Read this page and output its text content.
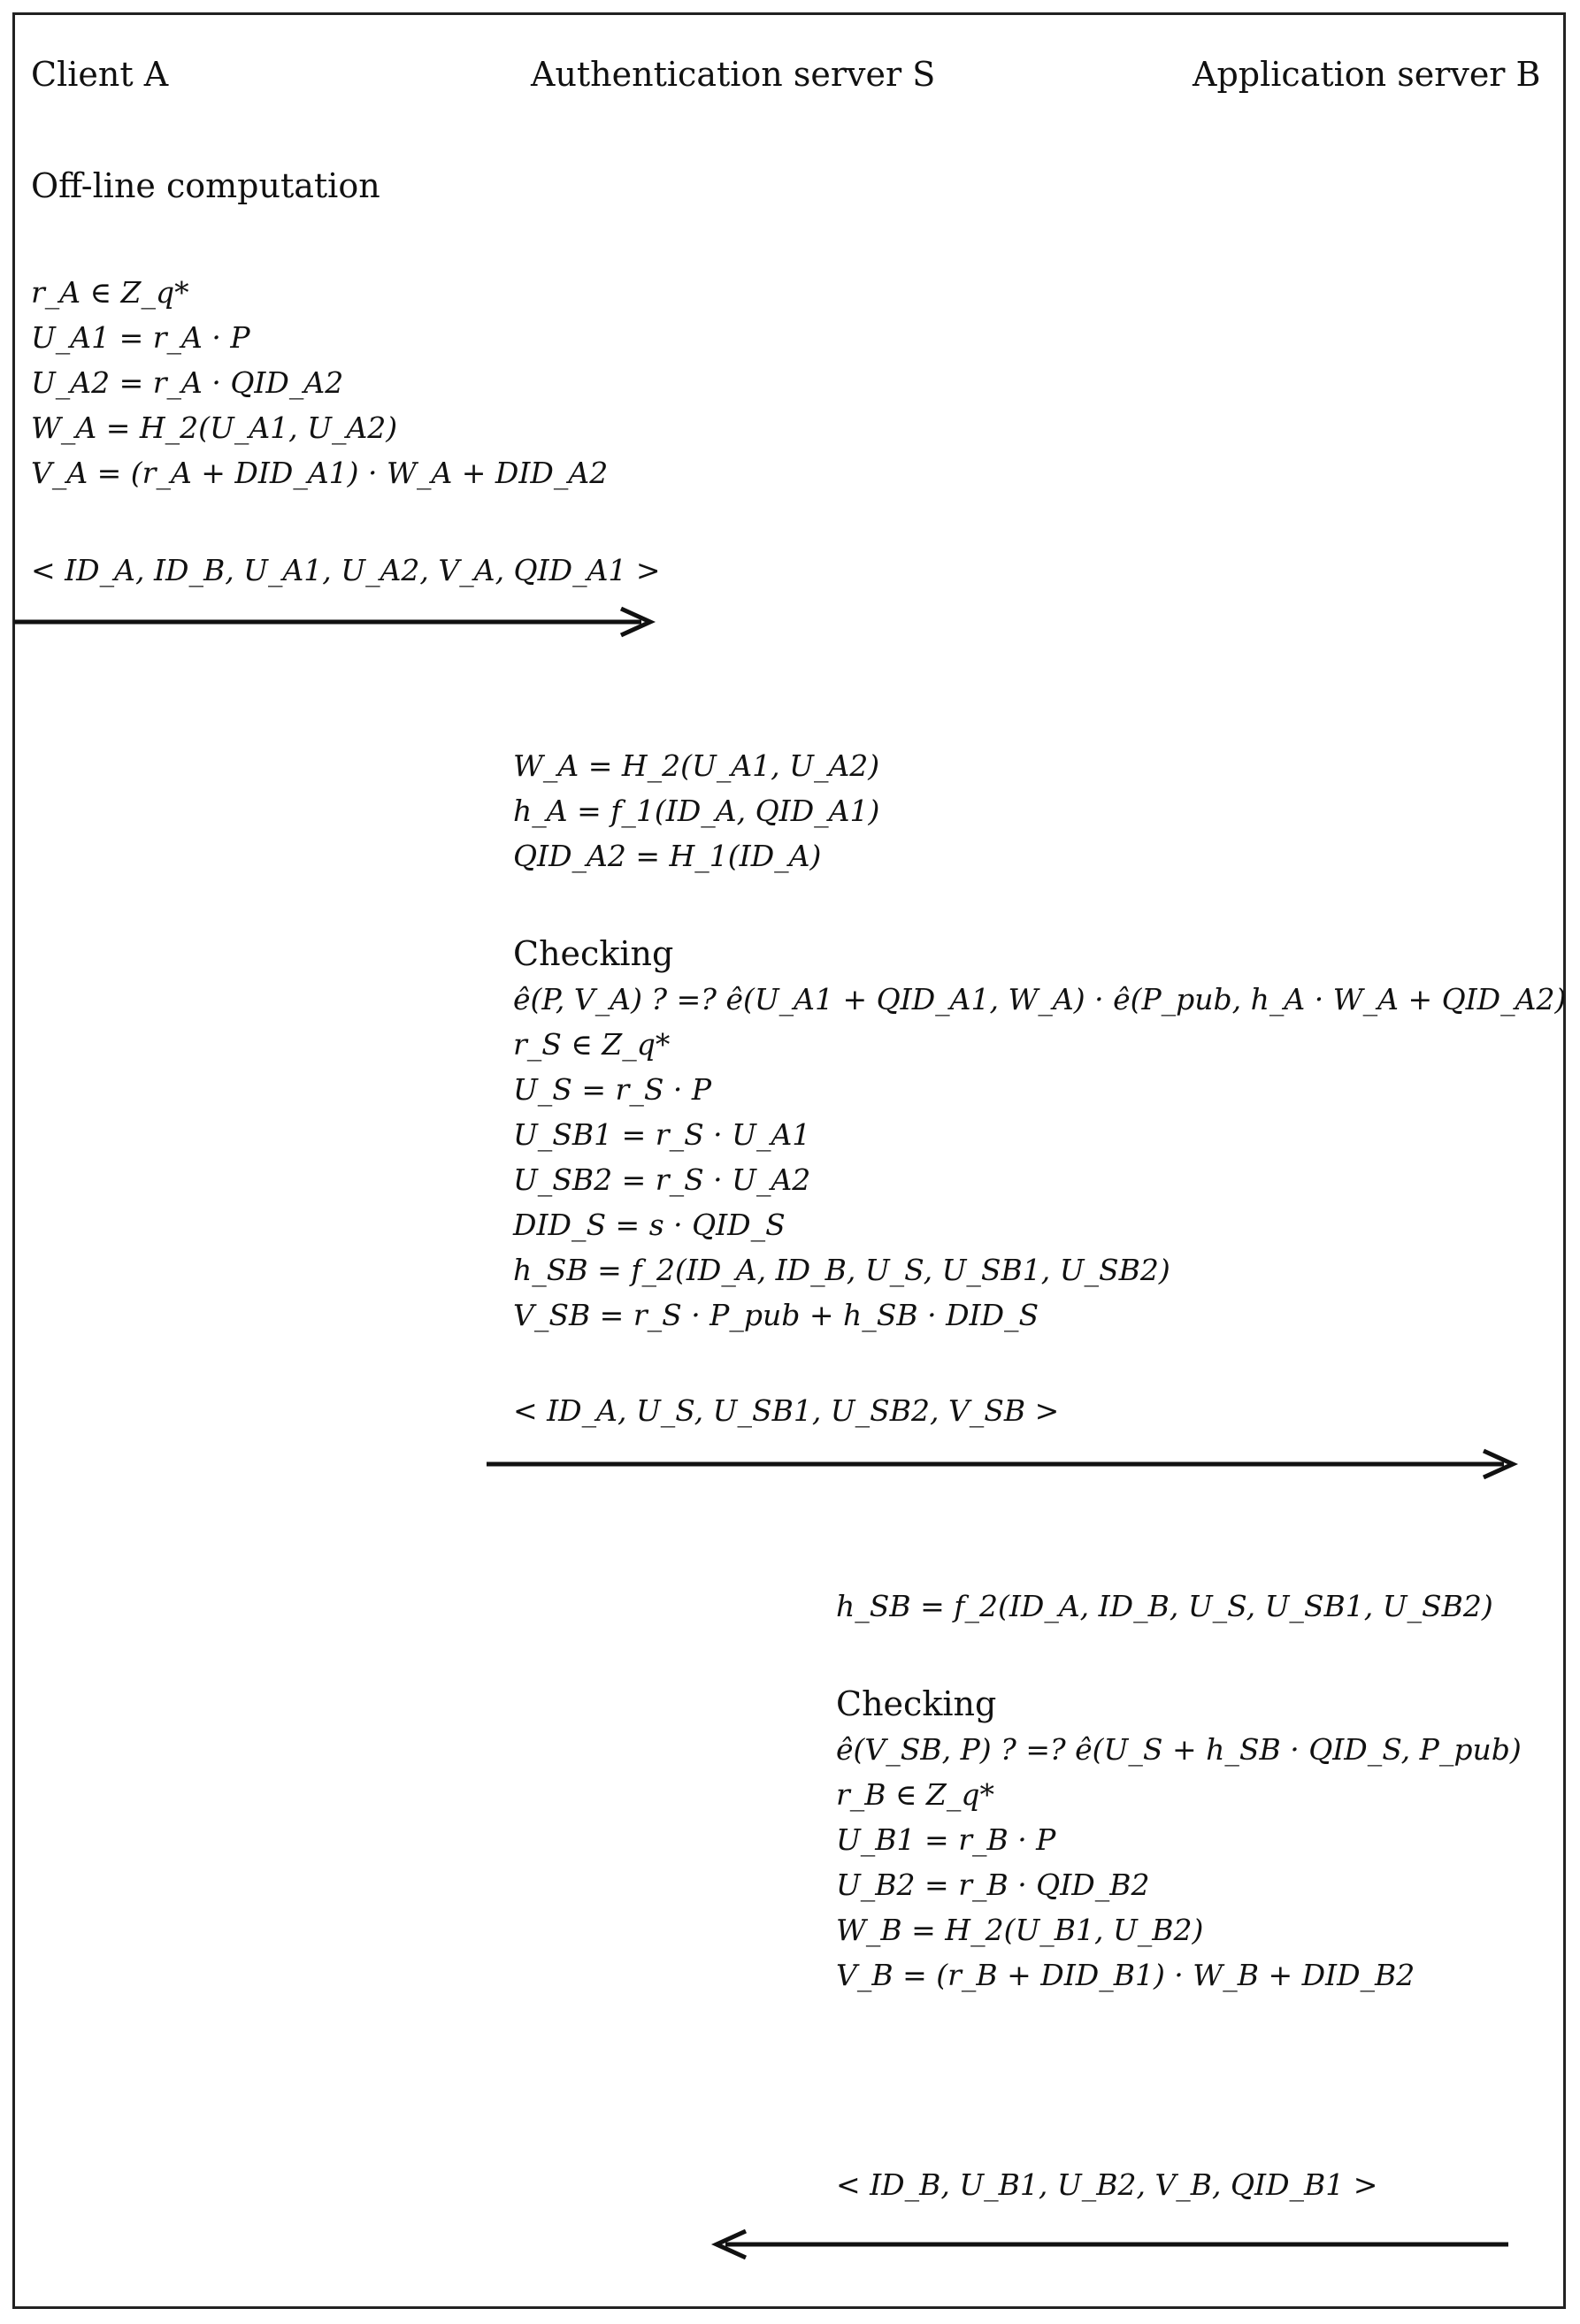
Client A	Authentication server S	Application server B
Off-line computation
r_A ∈ Z_q*
U_A1 = r_A · P
U_A2 = r_A · QID_A2
W_A = H_2(U_A1, U_A2)
V_A = (r_A + DID_A1) · W_A + DID_A2
< ID_A, ID_B, U_A1, U_A2, V_A, QID_A1 >
W_A = H_2(U_A1, U_A2)
h_A = f_1(ID_A, QID_A1)
QID_A2 = H_1(ID_A)
Checking
ê(P, V_A) ? =? ê(U_A1 + QID_A1, W_A) · ê(P_pub, h_A · W_A + QID_A2)
r_S ∈ Z_q*
U_S = r_S · P
U_SB1 = r_S · U_A1
U_SB2 = r_S · U_A2
DID_S = s · QID_S
h_SB = f_2(ID_A, ID_B, U_S, U_SB1, U_SB2)
V_SB = r_S · P_pub + h_SB · DID_S
< ID_A, U_S, U_SB1, U_SB2, V_SB >
h_SB = f_2(ID_A, ID_B, U_S, U_SB1, U_SB2)
Checking
ê(V_SB, P) ? =? ê(U_S + h_SB · QID_S, P_pub)
r_B ∈ Z_q*
U_B1 = r_B · P
U_B2 = r_B · QID_B2
W_B = H_2(U_B1, U_B2)
V_B = (r_B + DID_B1) · W_B + DID_B2
< ID_B, U_B1, U_B2, V_B, QID_B1 >
